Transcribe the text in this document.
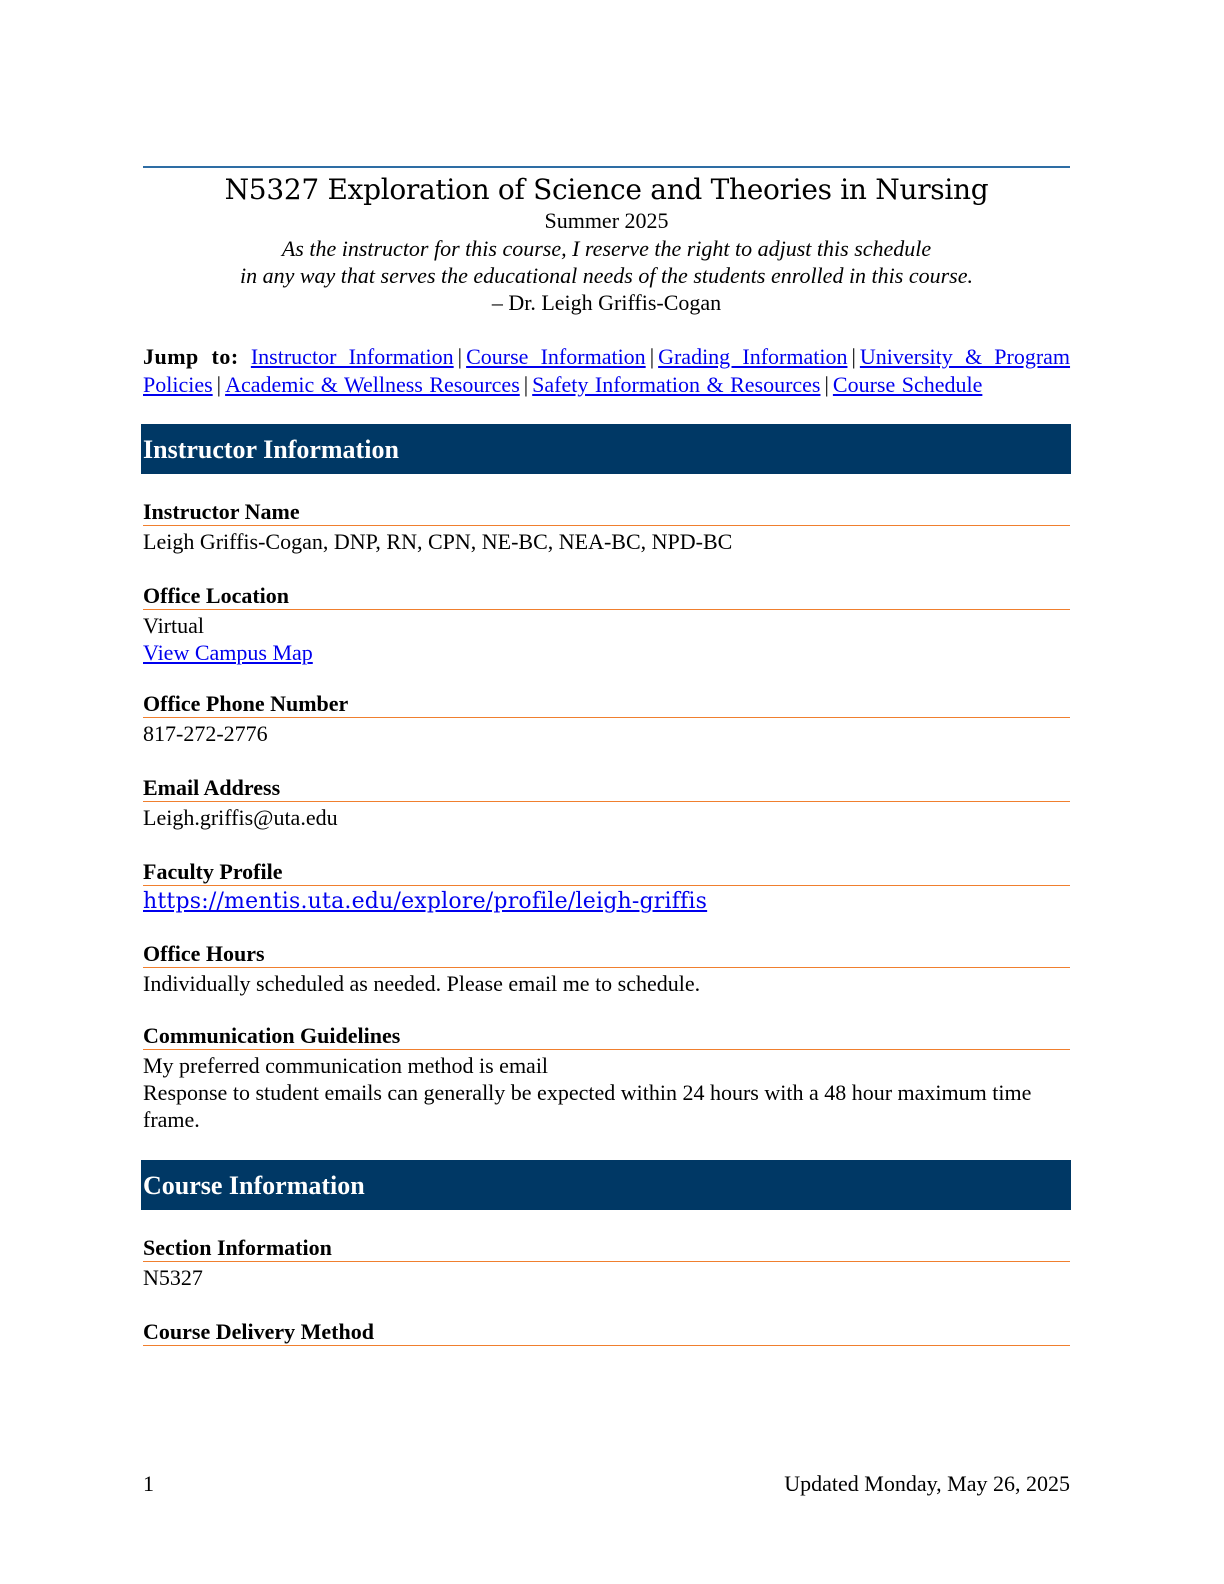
N5327 Exploration of Science and Theories in Nursing
Summer 2025
As the instructor for this course, I reserve the right to adjust this schedule
in any way that serves the educational needs of the students enrolled in this course.
– Dr. Leigh Griffis-Cogan
Jump to: Instructor Information | Course Information | Grading Information | University & Program Policies | Academic & Wellness Resources | Safety Information & Resources | Course Schedule
Instructor Information
Instructor Name
Leigh Griffis-Cogan, DNP, RN, CPN, NE-BC, NEA-BC, NPD-BC
Office Location
Virtual
View Campus Map
Office Phone Number
817-272-2776
Email Address
Leigh.griffis@uta.edu
Faculty Profile
https://mentis.uta.edu/explore/profile/leigh-griffis
Office Hours
Individually scheduled as needed. Please email me to schedule.
Communication Guidelines
My preferred communication method is email
Response to student emails can generally be expected within 24 hours with a 48 hour maximum time frame.
Course Information
Section Information
N5327
Course Delivery Method
1	Updated Monday, May 26, 2025
